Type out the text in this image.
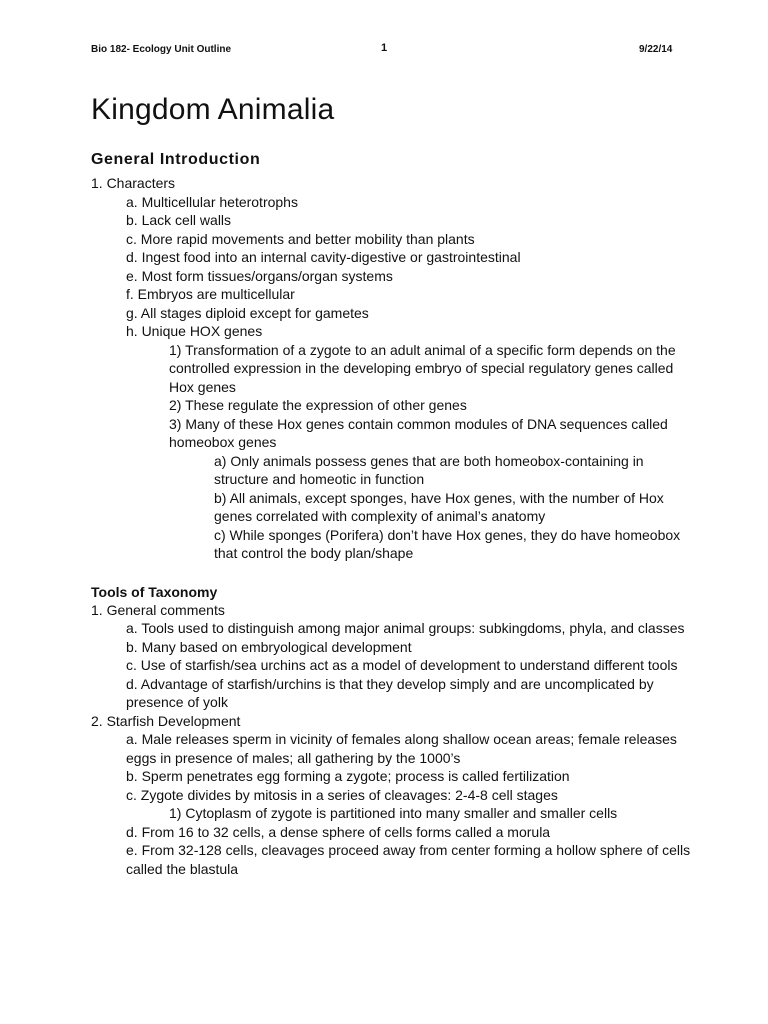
Bio 182- Ecology Unit Outline	1	9/22/14
Kingdom Animalia
General Introduction

1. Characters

a. Multicellular heterotrophs

b. Lack cell walls

c. More rapid movements and better mobility than plants

d. Ingest food into an internal cavity-digestive or gastrointestinal

e. Most form tissues/organs/organ systems

f. Embryos are multicellular

g. All stages diploid except for gametes

h. Unique HOX genes

1) Transformation of a zygote to an adult animal of a specific form depends on the controlled expression in the developing embryo of special regulatory genes called Hox genes

2) These regulate the expression of other genes

3) Many of these Hox genes contain common modules of DNA sequences called homeobox genes

a) Only animals possess genes that are both homeobox-containing in structure and homeotic in function

b) All animals, except sponges, have Hox genes, with the number of Hox genes correlated with complexity of animal’s anatomy

c) While sponges (Porifera) don’t have Hox genes, they do have homeobox that control the body plan/shape

Tools of Taxonomy

1. General comments

a. Tools used to distinguish among major animal groups: subkingdoms, phyla, and classes

b. Many based on embryological development

c. Use of starfish/sea urchins act as a model of development to understand different tools

d. Advantage of starfish/urchins is that they develop simply and are uncomplicated by presence of yolk

2. Starfish Development

a. Male releases sperm in vicinity of females along shallow ocean areas; female releases eggs in presence of males; all gathering by the 1000’s

b. Sperm penetrates egg forming a zygote; process is called fertilization

c. Zygote divides by mitosis in a series of cleavages: 2-4-8 cell stages

1) Cytoplasm of zygote is partitioned into many smaller and smaller cells

d. From 16 to 32 cells, a dense sphere of cells forms called a morula

e. From 32-128 cells, cleavages proceed away from center forming a hollow sphere of cells called the blastula
